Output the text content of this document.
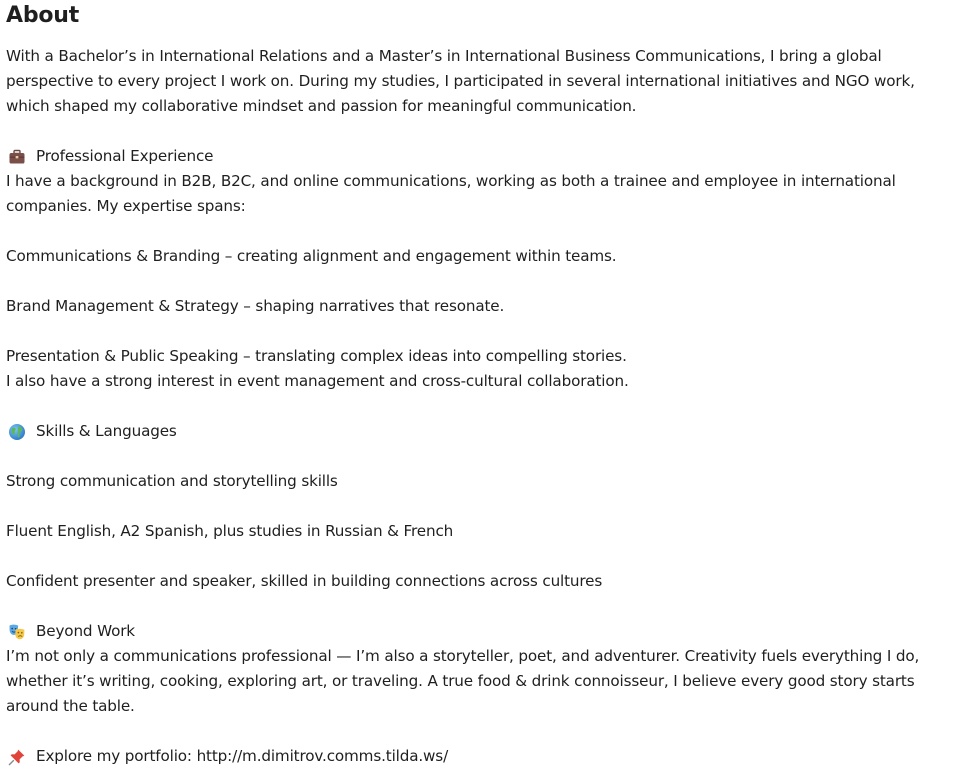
About
With a Bachelor’s in International Relations and a Master’s in International Business Communications, I bring a global
perspective to every project I work on. During my studies, I participated in several international initiatives and NGO work,
which shaped my collaborative mindset and passion for meaningful communication.
Professional Experience
I have a background in B2B, B2C, and online communications, working as both a trainee and employee in international
companies. My expertise spans:
Communications & Branding – creating alignment and engagement within teams.
Brand Management & Strategy – shaping narratives that resonate.
Presentation & Public Speaking – translating complex ideas into compelling stories.
I also have a strong interest in event management and cross-cultural collaboration.
Skills & Languages
Strong communication and storytelling skills
Fluent English, A2 Spanish, plus studies in Russian & French
Confident presenter and speaker, skilled in building connections across cultures
Beyond Work
I’m not only a communications professional — I’m also a storyteller, poet, and adventurer. Creativity fuels everything I do,
whether it’s writing, cooking, exploring art, or traveling. A true food & drink connoisseur, I believe every good story starts
around the table.
Explore my portfolio: http://m.dimitrov.comms.tilda.ws/
